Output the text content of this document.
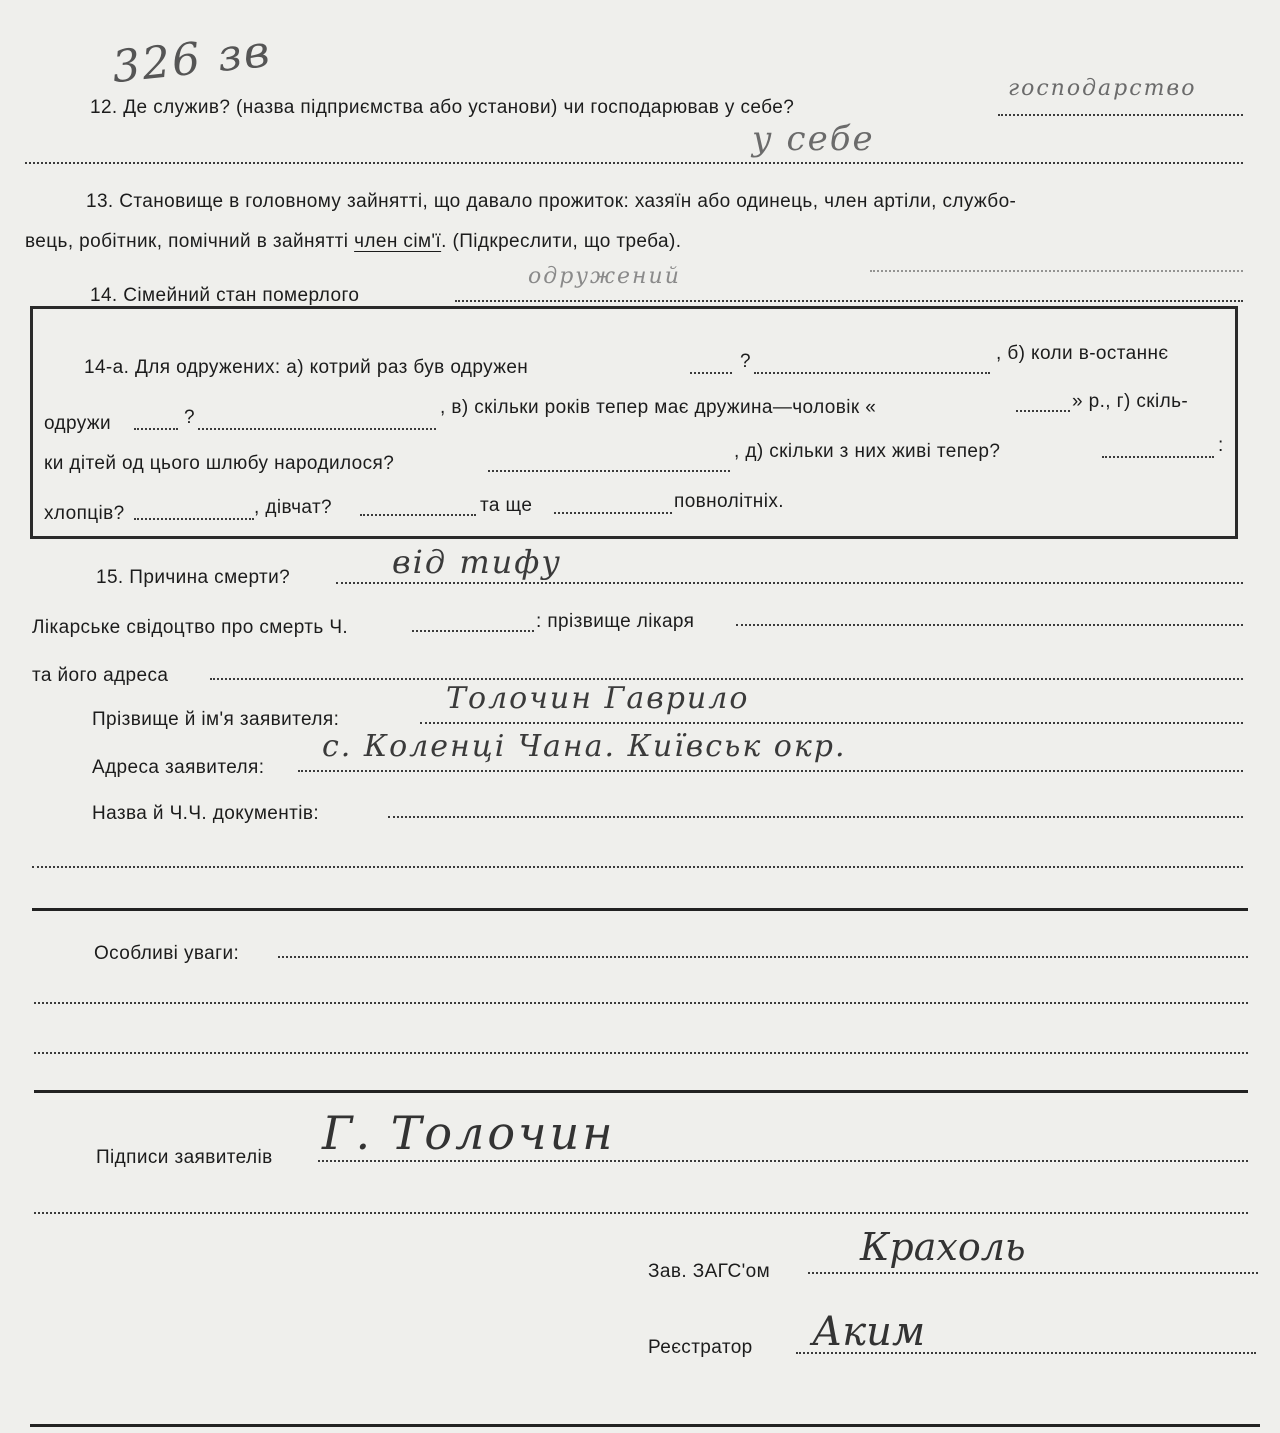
326 зв
12. Де служив? (назва підприємства або установи) чи господарював у себе?
господарство
у себе
13. Становище в головному зайнятті, що давало прожиток: хазяїн або одинець, член артіли, службо-
вець, робітник, помічний в зайнятті член сім'ї. (Підкреслити, що треба).
14. Сімейний стан померлого
одружений
14-а. Для одружених: а) котрий раз був одружен	?	, б) коли в-останнє
одружи	?	, в) скільки років тепер має дружина—чоловік «	» р., г) скіль-
ки дітей од цього шлюбу народилося?
, д) скільки з них живі тепер?	:
хлопців?	, дівчат?	та ще	повнолітніх.
15. Причина смерти?	від тифу
Лікарське свідоцтво про смерть Ч.	: прізвище лікаря
та його адреса
Прізвище й ім'я заявителя:
Толочин Гаврило
Адреса заявителя:
с. Коленці Чана. Київськ окр.
Назва й Ч.Ч. документів:
Особливі уваги:
Підписи заявителів Г. Толочин
Зав. ЗАГС'ом
Крахоль
Реєстратор Аким
